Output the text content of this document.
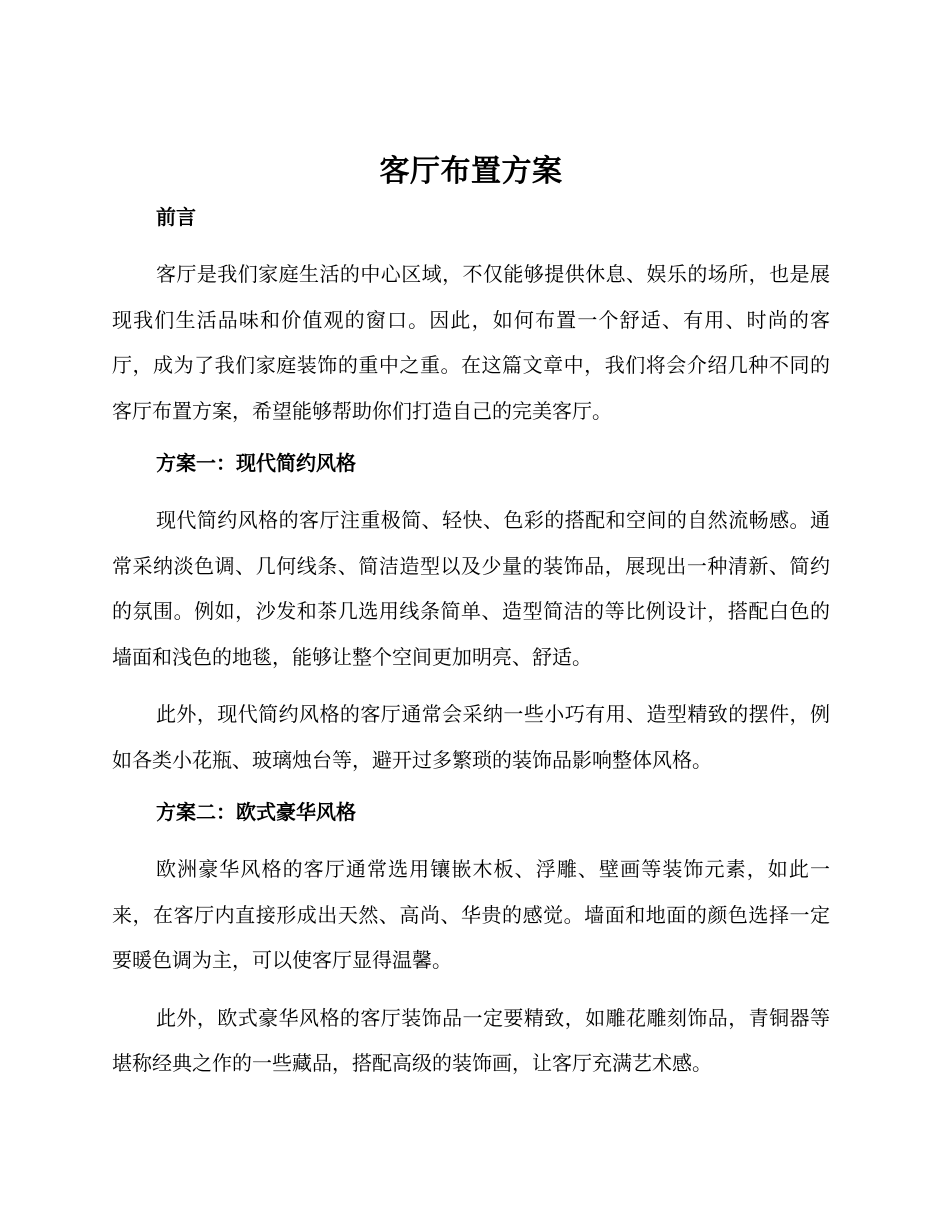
客厅布置方案
前言

客厅是我们家庭生活的中心区域，不仅能够提供休息、娱乐的场所，也是展现我们生活品味和价值观的窗口。因此，如何布置一个舒适、有用、时尚的客厅，成为了我们家庭装饰的重中之重。在这篇文章中，我们将会介绍几种不同的客厅布置方案，希望能够帮助你们打造自己的完美客厅。

方案一：现代简约风格

现代简约风格的客厅注重极简、轻快、色彩的搭配和空间的自然流畅感。通常采纳淡色调、几何线条、简洁造型以及少量的装饰品，展现出一种清新、简约的氛围。例如，沙发和茶几选用线条简单、造型简洁的等比例设计，搭配白色的墙面和浅色的地毯，能够让整个空间更加明亮、舒适。

此外，现代简约风格的客厅通常会采纳一些小巧有用、造型精致的摆件，例如各类小花瓶、玻璃烛台等，避开过多繁琐的装饰品影响整体风格。

方案二：欧式豪华风格

欧洲豪华风格的客厅通常选用镶嵌木板、浮雕、壁画等装饰元素，如此一来，在客厅内直接形成出天然、高尚、华贵的感觉。墙面和地面的颜色选择一定要暖色调为主，可以使客厅显得温馨。

此外，欧式豪华风格的客厅装饰品一定要精致，如雕花雕刻饰品，青铜器等堪称经典之作的一些藏品，搭配高级的装饰画，让客厅充满艺术感。
